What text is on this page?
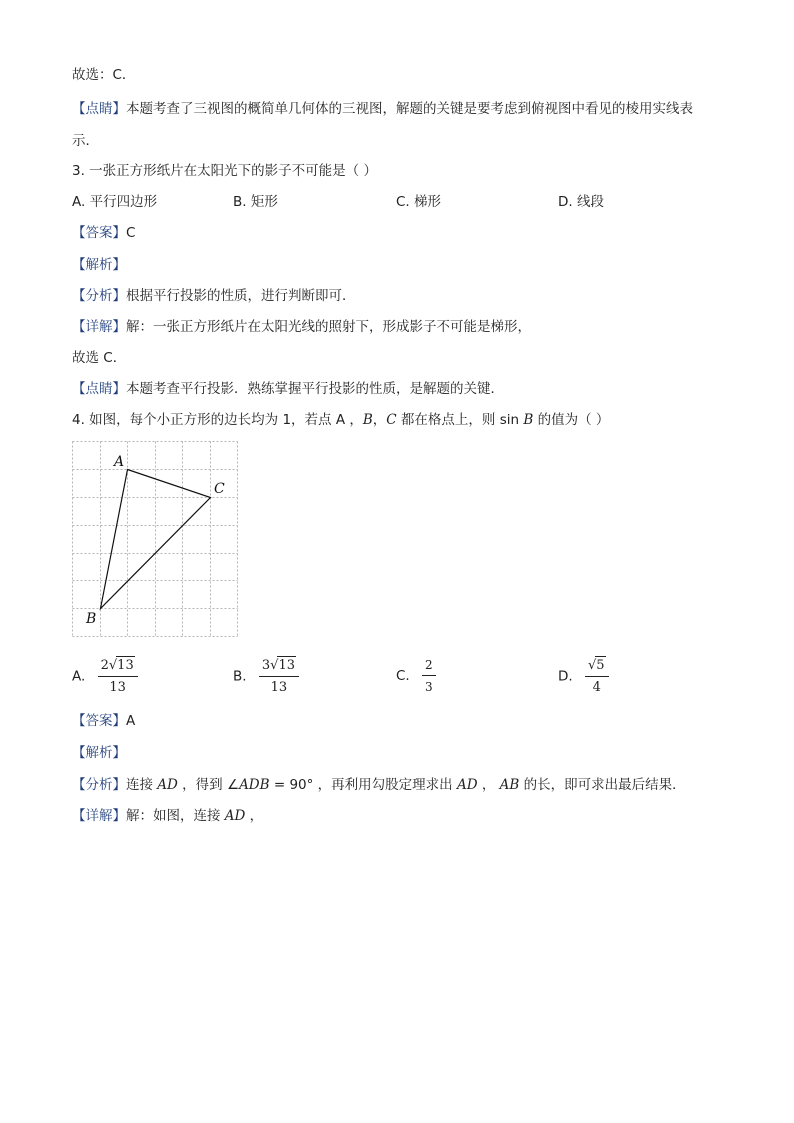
故选：C．
【点睛】本题考查了三视图的概简单几何体的三视图，解题的关键是要考虑到俯视图中看见的棱用实线表
示．
3. 一张正方形纸片在太阳光下的影子不可能是（ ）
A. 平行四边形	B. 矩形	C. 梯形	D. 线段
【答案】C
【解析】
【分析】根据平行投影的性质，进行判断即可．
【详解】解：一张正方形纸片在太阳光线的照射下，形成影子不可能是梯形，
故选 C．
【点睛】本题考查平行投影．熟练掌握平行投影的性质，是解题的关键．
4. 如图，每个小正方形的边长均为 1，若点 A ，B，C 都在格点上，则 sin B 的值为（ ）
A
C
B
A. $\frac{2√13}{13}$	B. $\frac{3√13}{13}$	C. $\frac{2}{3}$	D. $\frac{√5}{4}$
【答案】A
【解析】
【分析】连接 AD ，得到 ∠ADB = 90° ，再利用勾股定理求出 AD ， AB 的长，即可求出最后结果．
【详解】解：如图，连接 AD ，
